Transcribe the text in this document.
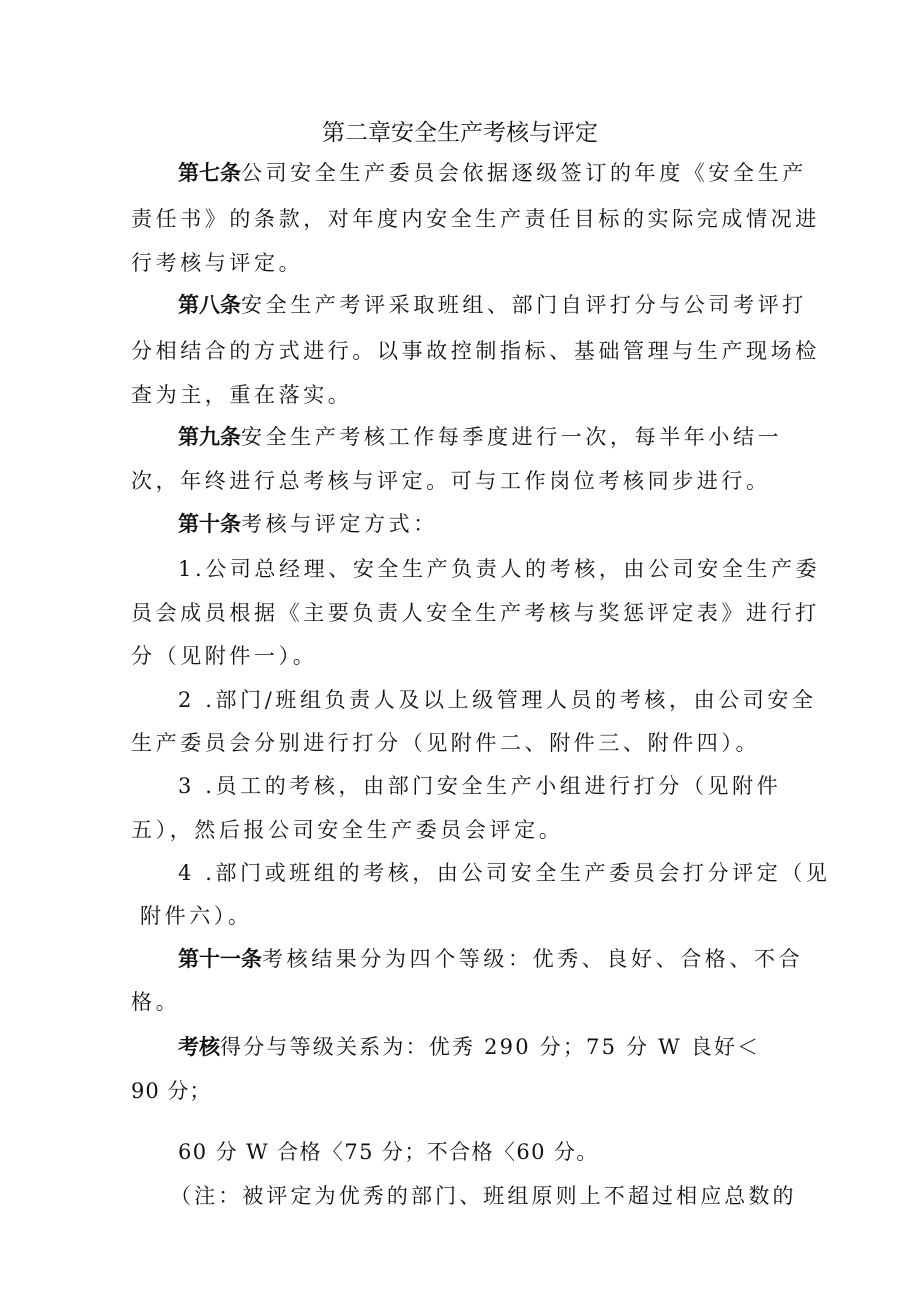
第二章安全生产考核与评定
第七条公司安全生产委员会依据逐级签订的年度《安全生产
责任书》的条款，对年度内安全生产责任目标的实际完成情况进
行考核与评定。
第八条安全生产考评采取班组、部门自评打分与公司考评打
分相结合的方式进行。以事故控制指标、基础管理与生产现场检
查为主，重在落实。
第九条安全生产考核工作每季度进行一次，每半年小结一
次，年终进行总考核与评定。可与工作岗位考核同步进行。
第十条考核与评定方式：
1.公司总经理、安全生产负责人的考核，由公司安全生产委
员会成员根据《主要负责人安全生产考核与奖惩评定表》进行打
分（见附件一）。
2 .部门/班组负责人及以上级管理人员的考核，由公司安全
生产委员会分别进行打分（见附件二、附件三、附件四）。
3 .员工的考核，由部门安全生产小组进行打分（见附件
五），然后报公司安全生产委员会评定。
4 .部门或班组的考核，由公司安全生产委员会打分评定（见
附件六）。
第十一条考核结果分为四个等级：优秀、良好、合格、不合
格。
考核得分与等级关系为：优秀 290 分；75 分 W 良好＜
90 分；
60 分 W 合格〈75 分；不合格〈60 分。
（注：被评定为优秀的部门、班组原则上不超过相应总数的
